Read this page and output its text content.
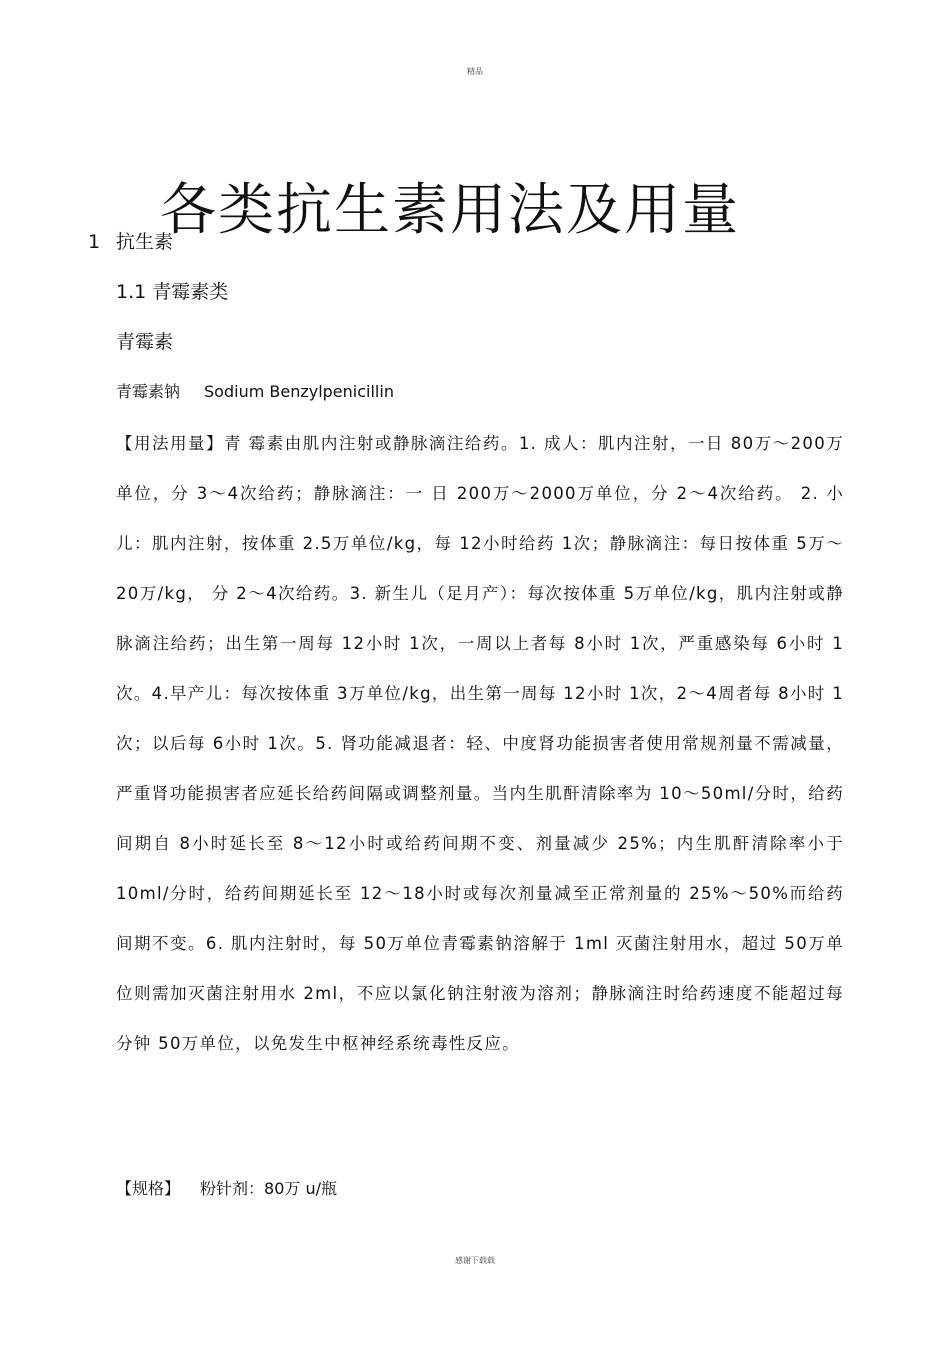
精品
各类抗生素用法及用量
1 抗生素
1.1 青霉素类
青霉素
青霉素钠 Sodium Benzylpenicillin

【用法用量】青 霉素由肌内注射或静脉滴注给药。1. 成人：肌内注射，一日 80万～200万单位，分 3～4次给药；静脉滴注：一 日 200万～2000万单位，分 2～4次给药。 2. 小儿：肌内注射，按体重 2.5万单位/kg，每 12小时给药 1次；静脉滴注：每日按体重 5万～20万/kg， 分 2～4次给药。3. 新生儿（足月产）：每次按体重 5万单位/kg，肌内注射或静脉滴注给药；出生第一周每 12小时 1次，一周以上者每 8小时 1次，严重感染每 6小时 1次。4.早产儿：每次按体重 3万单位/kg，出生第一周每 12小时 1次，2～4周者每 8小时 1次；以后每 6小时 1次。5. 肾功能减退者：轻、中度肾功能损害者使用常规剂量不需减量，严重肾功能损害者应延长给药间隔或调整剂量。当内生肌酐清除率为 10～50ml/分时，给药间期自 8小时延长至 8～12小时或给药间期不变、剂量减少 25%；内生肌酐清除率小于 10ml/分时，给药间期延长至 12～18小时或每次剂量减至正常剂量的 25%～50%而给药间期不变。6. 肌内注射时，每 50万单位青霉素钠溶解于 1ml 灭菌注射用水，超过 50万单位则需加灭菌注射用水 2ml，不应以氯化钠注射液为溶剂；静脉滴注时给药速度不能超过每分钟 50万单位，以免发生中枢神经系统毒性反应。

【规格】 粉针剂：80万 u/瓶
感谢下载载
